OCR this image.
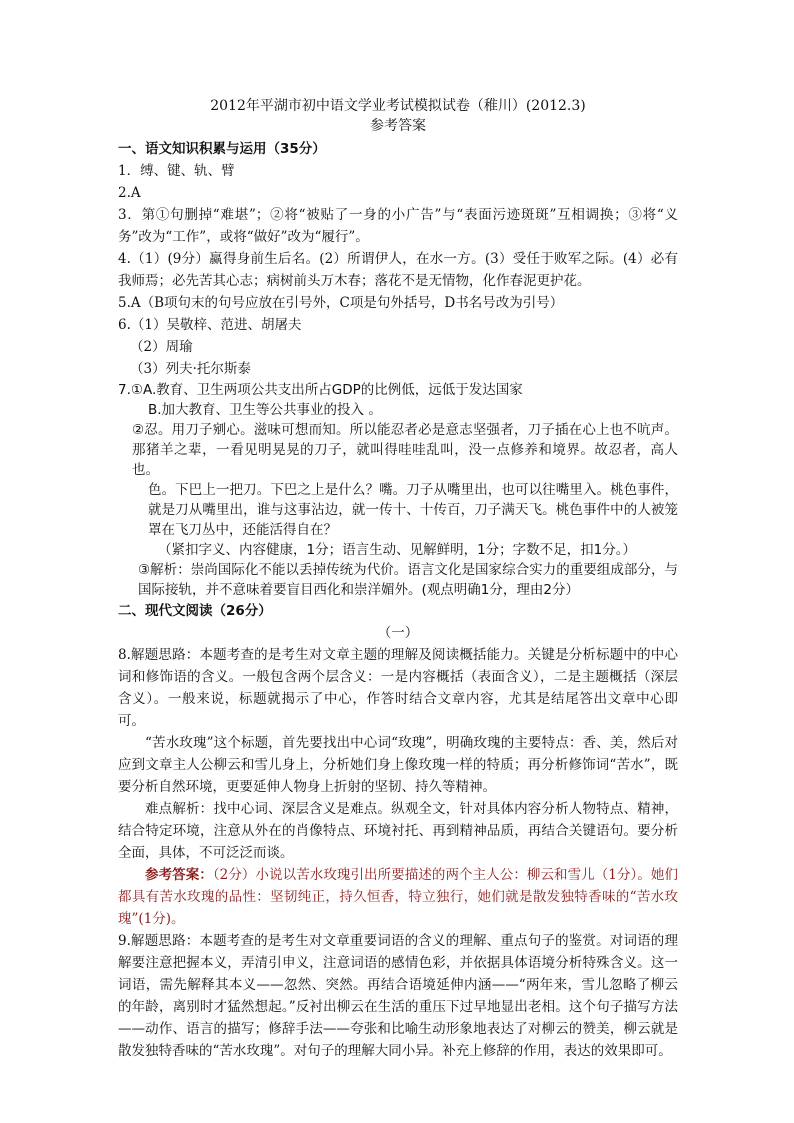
2012年平湖市初中语文学业考试模拟试卷（稚川）(2012.3)

参考答案

一、语文知识积累与运用（35分）

1．缚、键、轨、臂

2.A

3．第①句删掉“难堪”；②将“被贴了一身的小广告”与“表面污迹斑斑”互相调换；③将“义务”改为“工作”，或将“做好”改为“履行”。

4.（1）(9分）赢得身前生后名。(2）所谓伊人，在水一方。(3）受任于败军之际。(4）必有我师焉；必先苦其心志；病树前头万木春；落花不是无情物，化作春泥更护花。

5.A（B项句末的句号应放在引号外，C项是句外括号，D书名号改为引号）

6.（1）吴敬梓、范进、胡屠夫

（2）周瑜

（3）列夫·托尔斯泰

7.①A.教育、卫生两项公共支出所占GDP的比例低，远低于发达国家

B.加大教育、卫生等公共事业的投入 。

②忍。用刀子剜心。滋味可想而知。所以能忍者必是意志坚强者，刀子插在心上也不吭声。那猪羊之辈，一看见明晃晃的刀子，就叫得哇哇乱叫，没一点修养和境界。故忍者，高人也。

色。下巴上一把刀。下巴之上是什么？嘴。刀子从嘴里出，也可以往嘴里入。桃色事件，就是刀从嘴里出，谁与这事沾边，就一传十、十传百，刀子满天飞。桃色事件中的人被笼罩在飞刀丛中，还能活得自在？

（紧扣字义、内容健康，1分；语言生动、见解鲜明，1分；字数不足，扣1分。）

③解析：崇尚国际化不能以丢掉传统为代价。语言文化是国家综合实力的重要组成部分，与国际接轨，并不意味着要盲目西化和崇洋媚外。(观点明确1分，理由2分）

二、现代文阅读（26分）

（一）

8.解题思路：本题考查的是考生对文章主题的理解及阅读概括能力。关键是分析标题中的中心词和修饰语的含义。一般包含两个层含义：一是内容概括（表面含义），二是主题概括（深层含义）。一般来说，标题就揭示了中心，作答时结合文章内容，尤其是结尾答出文章中心即可。

“苦水玫瑰”这个标题，首先要找出中心词“玫瑰”，明确玫瑰的主要特点：香、美，然后对应到文章主人公柳云和雪儿身上，分析她们身上像玫瑰一样的特质；再分析修饰词“苦水”，既要分析自然环境，更要延伸人物身上折射的坚韧、持久等精神。

难点解析：找中心词、深层含义是难点。纵观全文，针对具体内容分析人物特点、精神，结合特定环境，注意从外在的肖像特点、环境衬托、再到精神品质，再结合关键语句。要分析全面，具体，不可泛泛而谈。

参考答案：（2分）小说以苦水玫瑰引出所要描述的两个主人公：柳云和雪儿（1分）。她们都具有苦水玫瑰的品性：坚韧纯正，持久恒香，特立独行，她们就是散发独特香味的“苦水玫瑰”(1分)。

9.解题思路：本题考查的是考生对文章重要词语的含义的理解、重点句子的鉴赏。对词语的理解要注意把握本义，弄清引申义，注意词语的感情色彩，并依据具体语境分析特殊含义。这一词语，需先解释其本义——忽然、突然。再结合语境延伸内涵——“两年来，雪儿忽略了柳云的年龄，离别时才猛然想起。”反衬出柳云在生活的重压下过早地显出老相。这个句子描写方法——动作、语言的描写；修辞手法——夸张和比喻生动形象地表达了对柳云的赞美，柳云就是散发独特香味的“苦水玫瑰”。对句子的理解大同小异。补充上修辞的作用，表达的效果即可。
